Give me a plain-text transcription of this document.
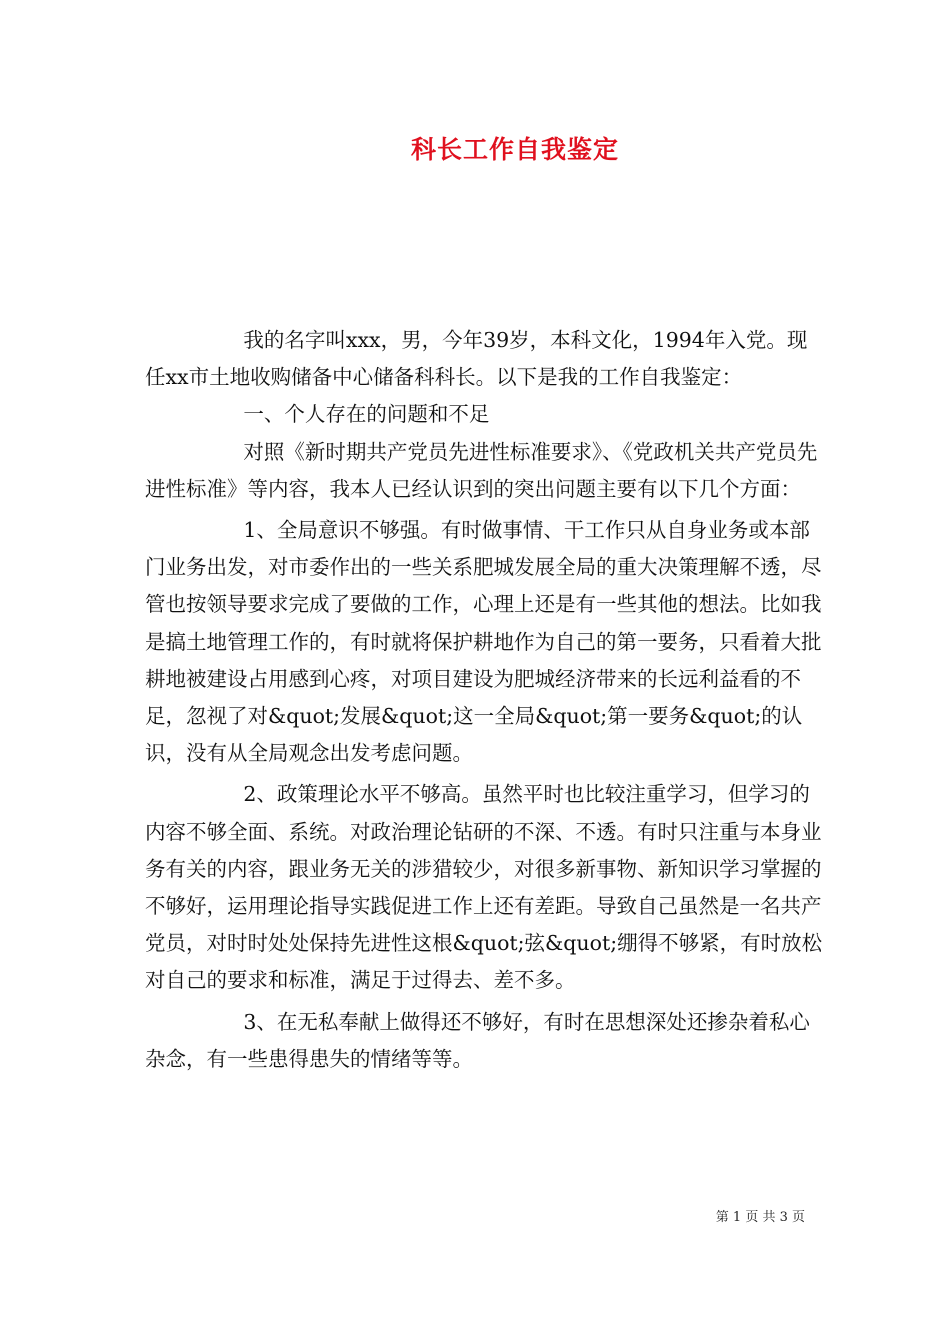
科长工作自我鉴定

我的名字叫xxx，男，今年39岁，本科文化，1994年入党。现任xx市土地收购储备中心储备科科长。以下是我的工作自我鉴定：

一、个人存在的问题和不足

对照《新时期共产党员先进性标准要求》、《党政机关共产党员先进性标准》等内容，我本人已经认识到的突出问题主要有以下几个方面：

1、全局意识不够强。有时做事情、干工作只从自身业务或本部门业务出发，对市委作出的一些关系肥城发展全局的重大决策理解不透，尽管也按领导要求完成了要做的工作，心理上还是有一些其他的想法。比如我是搞土地管理工作的，有时就将保护耕地作为自己的第一要务，只看着大批耕地被建设占用感到心疼，对项目建设为肥城经济带来的长远利益看的不足，忽视了对&quot;发展&quot;这一全局&quot;第一要务&quot;的认识，没有从全局观念出发考虑问题。

2、政策理论水平不够高。虽然平时也比较注重学习，但学习的内容不够全面、系统。对政治理论钻研的不深、不透。有时只注重与本身业务有关的内容，跟业务无关的涉猎较少，对很多新事物、新知识学习掌握的不够好，运用理论指导实践促进工作上还有差距。导致自己虽然是一名共产党员，对时时处处保持先进性这根&quot;弦&quot;绷得不够紧，有时放松对自己的要求和标准，满足于过得去、差不多。

3、在无私奉献上做得还不够好，有时在思想深处还掺杂着私心杂念，有一些患得患失的情绪等等。

第 1 页 共 3 页
